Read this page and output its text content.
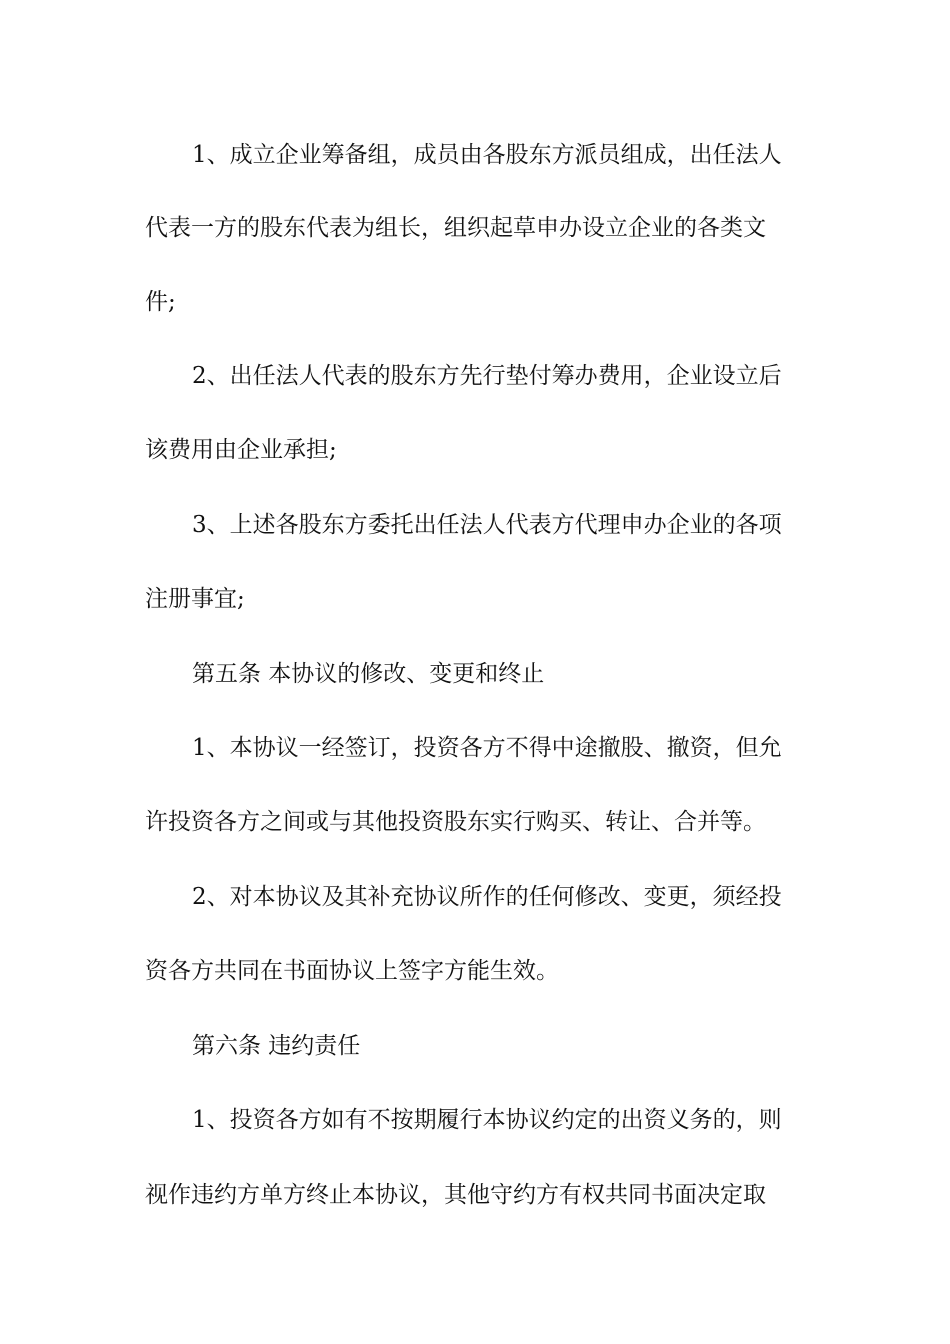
1、成立企业筹备组，成员由各股东方派员组成，出任法人
代表一方的股东代表为组长，组织起草申办设立企业的各类文
件;
2、出任法人代表的股东方先行垫付筹办费用，企业设立后
该费用由企业承担;
3、上述各股东方委托出任法人代表方代理申办企业的各项
注册事宜;
第五条 本协议的修改、变更和终止
1、本协议一经签订，投资各方不得中途撤股、撤资，但允
许投资各方之间或与其他投资股东实行购买、转让、合并等。
2、对本协议及其补充协议所作的任何修改、变更，须经投
资各方共同在书面协议上签字方能生效。
第六条 违约责任
1、投资各方如有不按期履行本协议约定的出资义务的，则
视作违约方单方终止本协议，其他守约方有权共同书面决定取
